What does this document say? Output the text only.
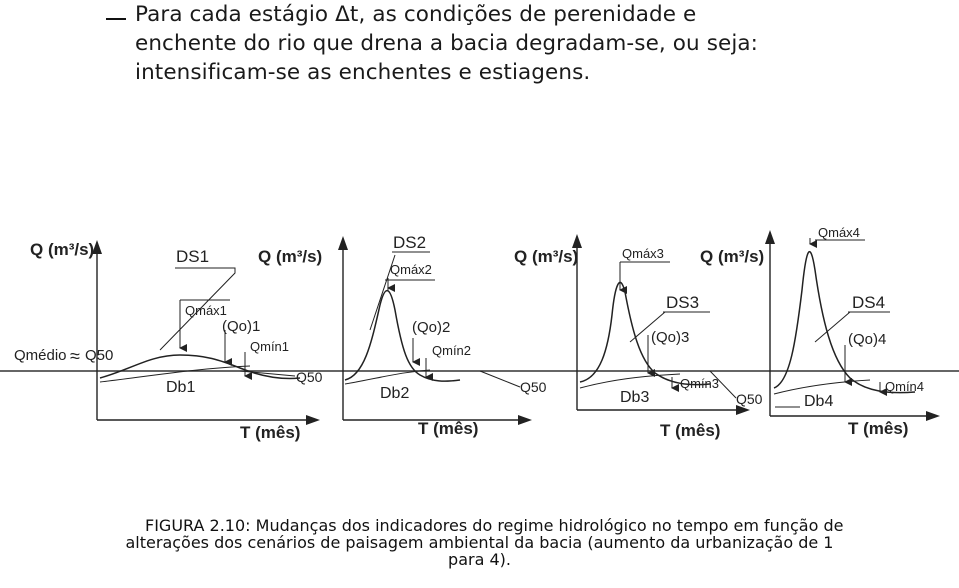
Para cada estágio Δt, as condições de perenidade e
enchente do rio que drena a bacia degradam-se, ou seja:
intensificam-se as enchentes e estiagens.
Q (m³/s)
T (mês)
DS1
Qmáx1
(Qo)1
Qmín1
Db1
Q50
Qmédio ≈ Q50
Q (m³/s)
T (mês)
DS2
Qmáx2
(Qo)2
Qmín2
Db2	Q50
Q (m³/s)
T (mês)
Qmáx3
DS3
(Qo)3
Qmín3
Db3	Q50
Q (m³/s)
T (mês)
Qmáx4
DS4
(Qo)4
Qmín4
Db4
FIGURA 2.10: Mudanças dos indicadores do regime hidrológico no tempo em função de
alterações dos cenários de paisagem ambiental da bacia (aumento da urbanização de 1
para 4).
